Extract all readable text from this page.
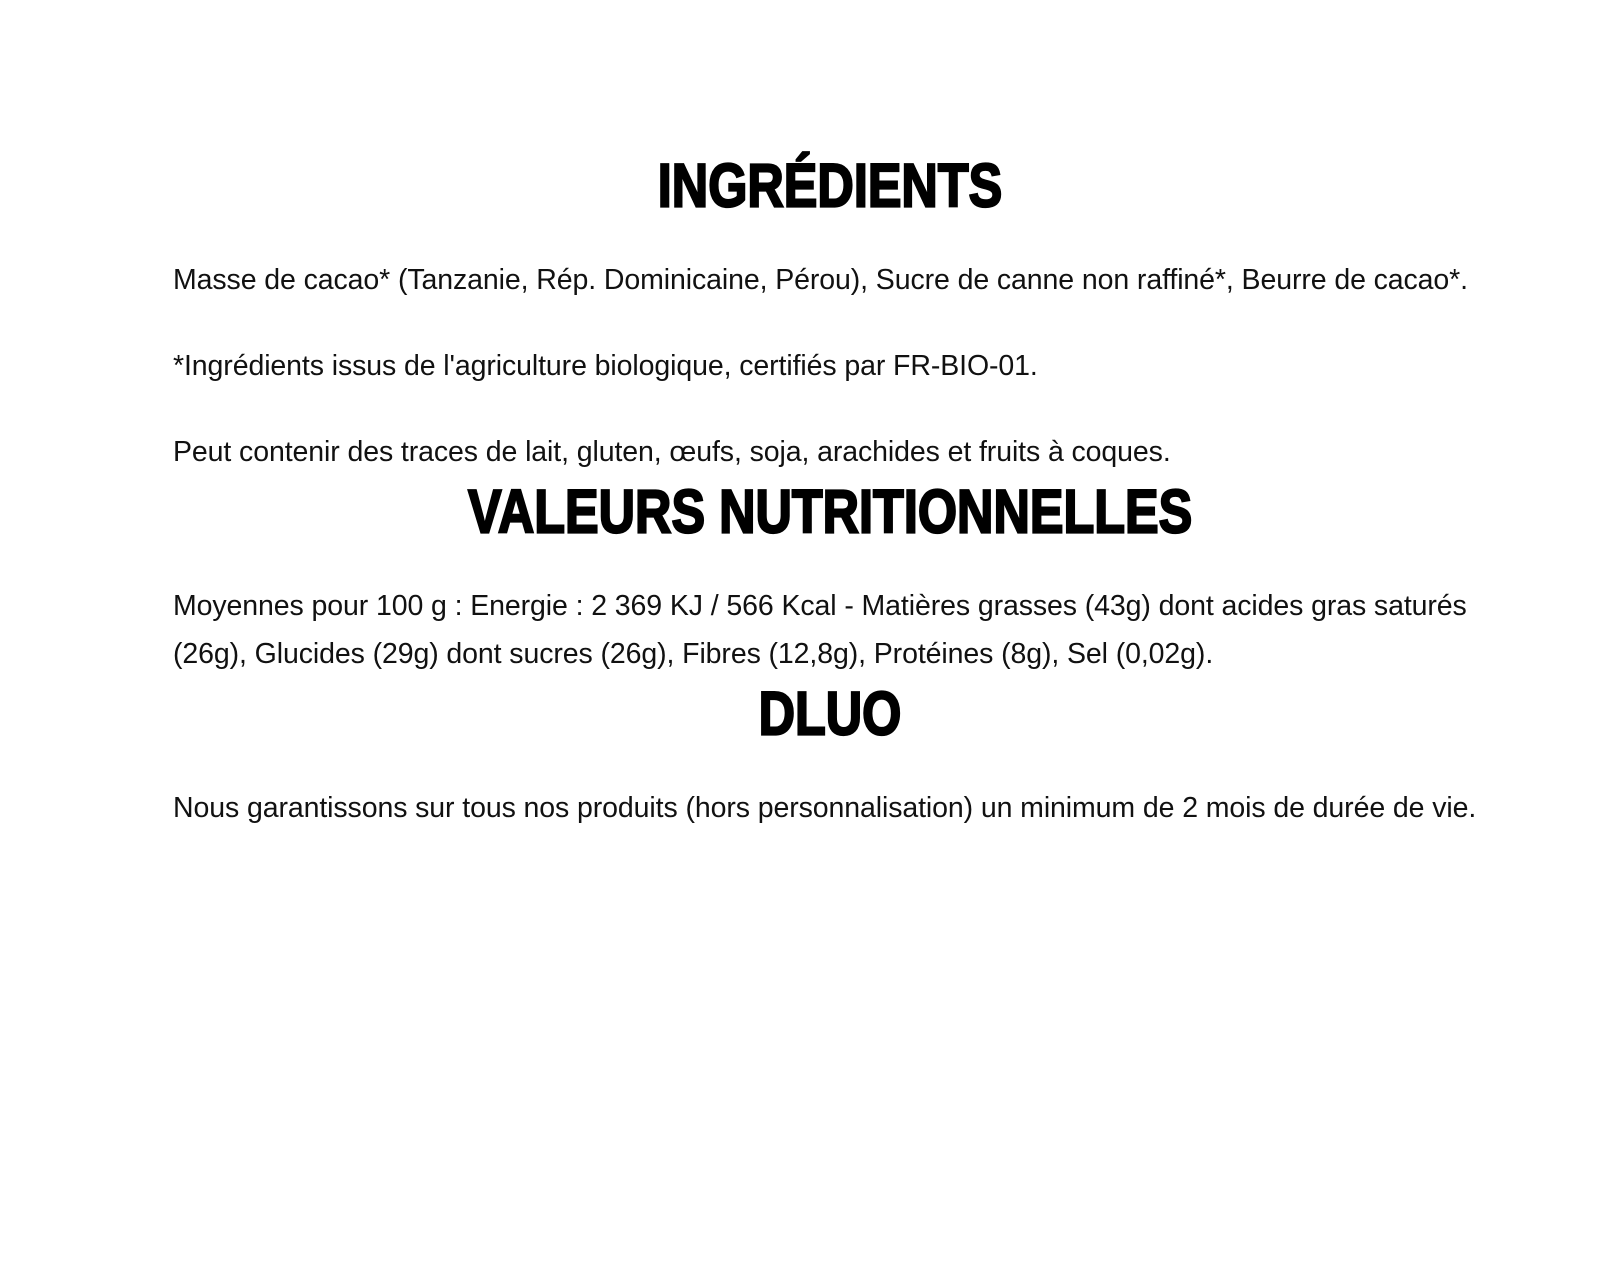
INGRÉDIENTS

Masse de cacao* (Tanzanie, Rép. Dominicaine, Pérou), Sucre de canne non raffiné*, Beurre de cacao*.

*Ingrédients issus de l'agriculture biologique, certifiés par FR-BIO-01.

Peut contenir des traces de lait, gluten, œufs, soja, arachides et fruits à coques.

VALEURS NUTRITIONNELLES

Moyennes pour 100 g : Energie : 2 369 KJ / 566 Kcal - Matières grasses (43g) dont acides gras saturés (26g), Glucides (29g) dont sucres (26g), Fibres (12,8g), Protéines (8g), Sel (0,02g).

DLUO

Nous garantissons sur tous nos produits (hors personnalisation) un minimum de 2 mois de durée de vie.
